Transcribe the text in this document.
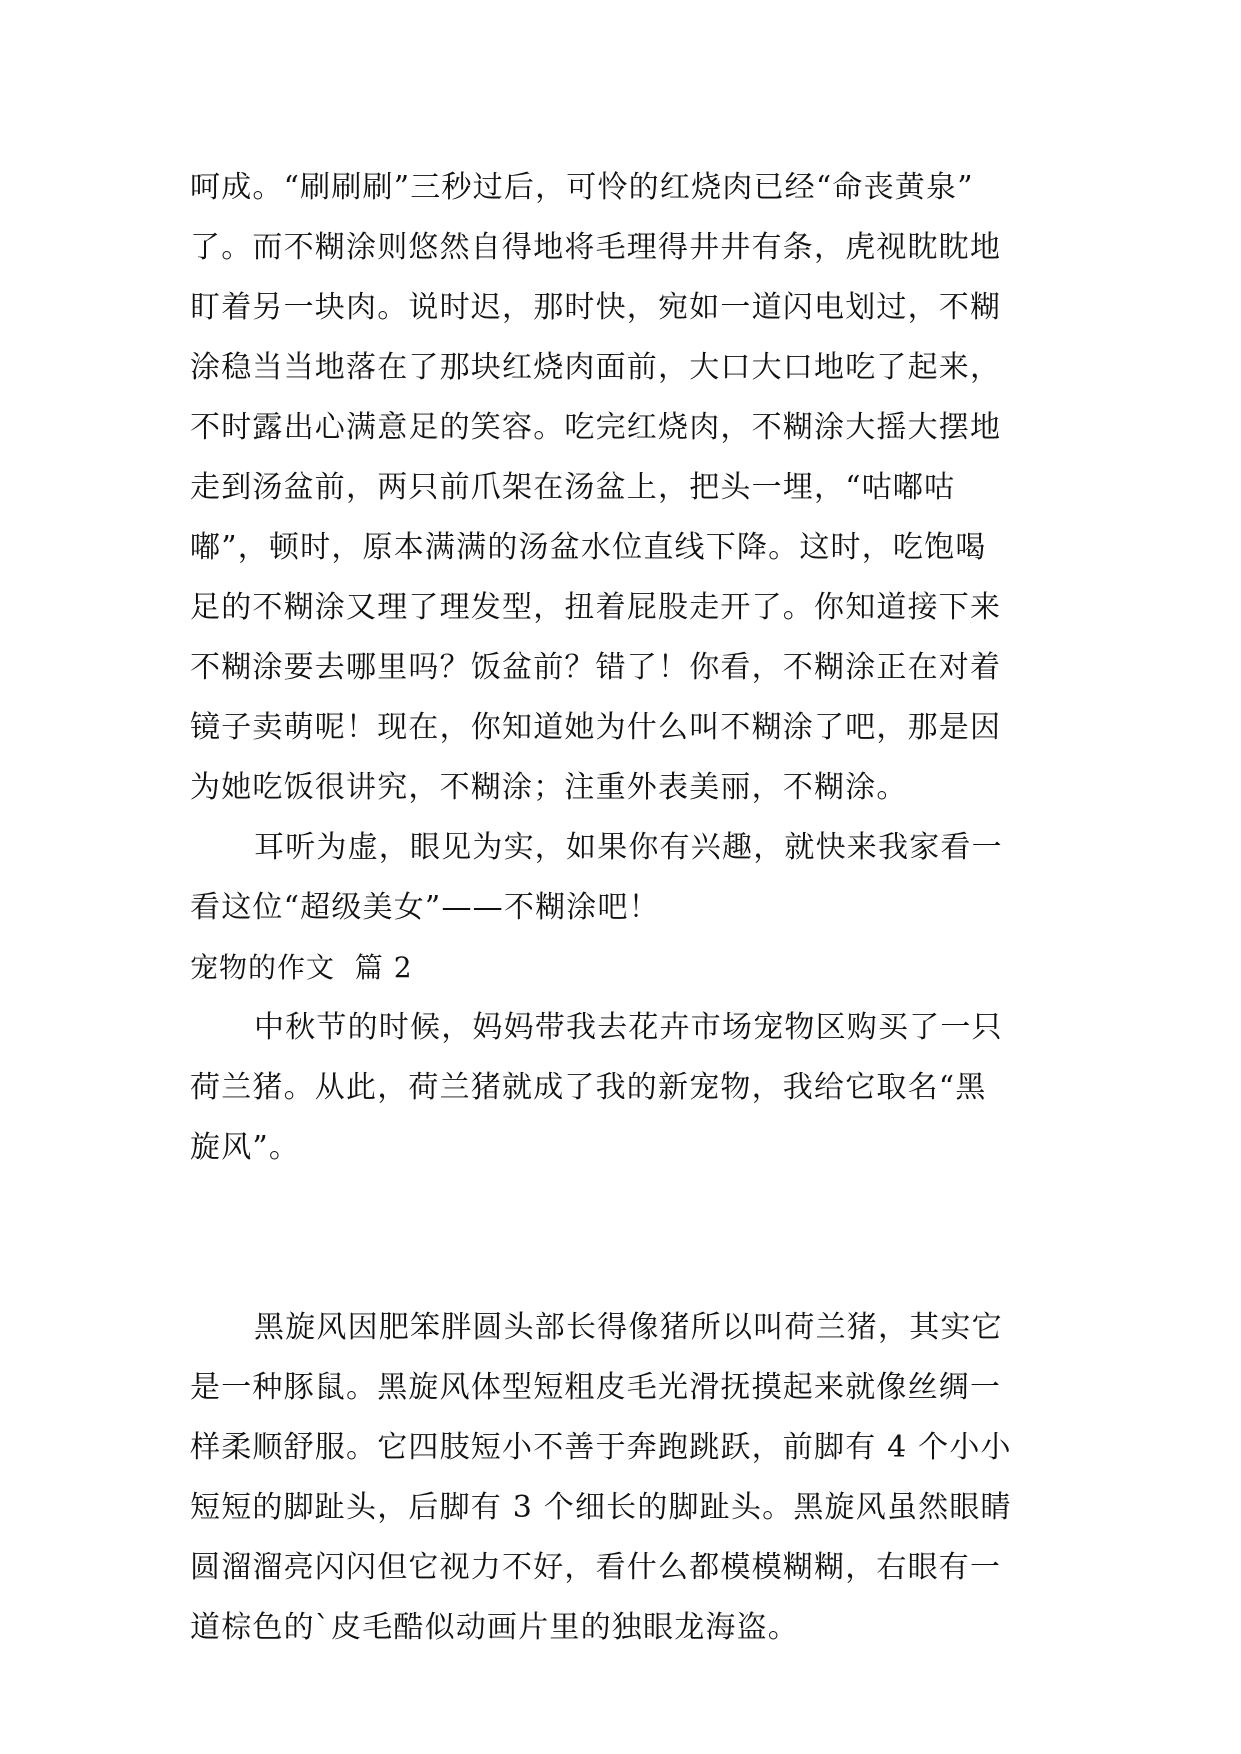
呵成。“刷刷刷”三秒过后，可怜的红烧肉已经“命丧黄泉”
了。而不糊涂则悠然自得地将毛理得井井有条，虎视眈眈地
盯着另一块肉。说时迟，那时快，宛如一道闪电划过，不糊
涂稳当当地落在了那块红烧肉面前，大口大口地吃了起来，
不时露出心满意足的笑容。吃完红烧肉，不糊涂大摇大摆地
走到汤盆前，两只前爪架在汤盆上，把头一埋，“咕嘟咕
嘟”，顿时，原本满满的汤盆水位直线下降。这时，吃饱喝
足的不糊涂又理了理发型，扭着屁股走开了。你知道接下来
不糊涂要去哪里吗？饭盆前？错了！你看，不糊涂正在对着
镜子卖萌呢！现在，你知道她为什么叫不糊涂了吧，那是因
为她吃饭很讲究，不糊涂；注重外表美丽，不糊涂。
耳听为虚，眼见为实，如果你有兴趣，就快来我家看一
看这位“超级美女”——不糊涂吧！
宠物的作文  篇 2
中秋节的时候，妈妈带我去花卉市场宠物区购买了一只
荷兰猪。从此，荷兰猪就成了我的新宠物，我给它取名“黑
旋风”。
黑旋风因肥笨胖圆头部长得像猪所以叫荷兰猪，其实它
是一种豚鼠。黑旋风体型短粗皮毛光滑抚摸起来就像丝绸一
样柔顺舒服。它四肢短小不善于奔跑跳跃，前脚有 4 个小小
短短的脚趾头，后脚有 3 个细长的脚趾头。黑旋风虽然眼睛
圆溜溜亮闪闪但它视力不好，看什么都模模糊糊，右眼有一
道棕色的`皮毛酷似动画片里的独眼龙海盗。
